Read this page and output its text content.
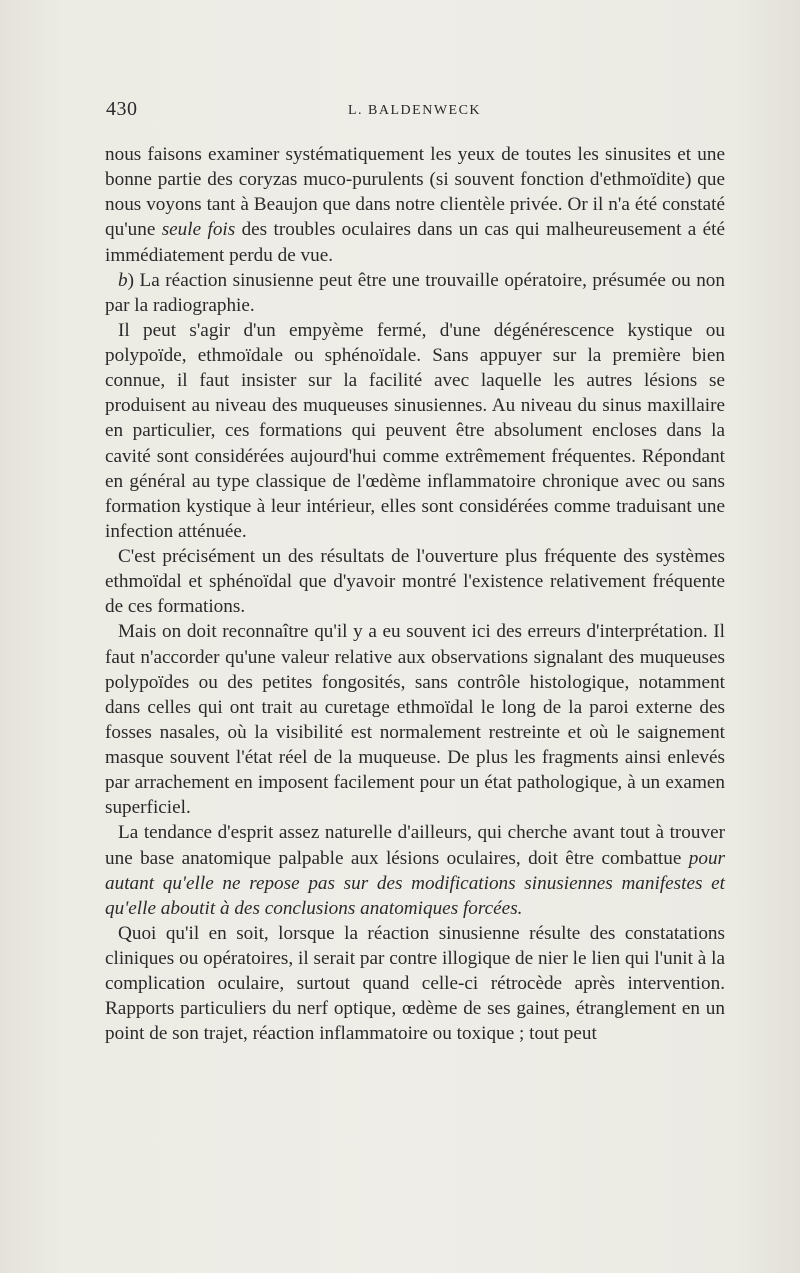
430	L. BALDENWECK

nous faisons examiner systématiquement les yeux de toutes les sinusites et une bonne partie des coryzas muco-purulents (si souvent fonction d'ethmoïdite) que nous voyons tant à Beaujon que dans notre clientèle privée. Or il n'a été constaté qu'une seule fois des troubles oculaires dans un cas qui malheureusement a été immédiatement perdu de vue.

b) La réaction sinusienne peut être une trouvaille opératoire, présumée ou non par la radiographie.

Il peut s'agir d'un empyème fermé, d'une dégénérescence kystique ou polypoïde, ethmoïdale ou sphénoïdale. Sans appuyer sur la première bien connue, il faut insister sur la facilité avec laquelle les autres lésions se produisent au niveau des muqueuses sinusiennes. Au niveau du sinus maxillaire en particulier, ces formations qui peuvent être absolument encloses dans la cavité sont considérées aujourd'hui comme extrêmement fréquentes. Répondant en général au type classique de l'œdème inflammatoire chronique avec ou sans formation kystique à leur intérieur, elles sont considérées comme traduisant une infection atténuée.

C'est précisément un des résultats de l'ouverture plus fréquente des systèmes ethmoïdal et sphénoïdal que d'yavoir montré l'existence relativement fréquente de ces formations.

Mais on doit reconnaître qu'il y a eu souvent ici des erreurs d'interprétation. Il faut n'accorder qu'une valeur relative aux observations signalant des muqueuses polypoïdes ou des petites fongosités, sans contrôle histologique, notamment dans celles qui ont trait au curetage ethmoïdal le long de la paroi externe des fosses nasales, où la visibilité est normalement restreinte et où le saignement masque souvent l'état réel de la muqueuse. De plus les fragments ainsi enlevés par arrachement en imposent facilement pour un état pathologique, à un examen superficiel.

La tendance d'esprit assez naturelle d'ailleurs, qui cherche avant tout à trouver une base anatomique palpable aux lésions oculaires, doit être combattue pour autant qu'elle ne repose pas sur des modifications sinusiennes manifestes et qu'elle aboutit à des conclusions anatomiques forcées.

Quoi qu'il en soit, lorsque la réaction sinusienne résulte des constatations cliniques ou opératoires, il serait par contre illogique de nier le lien qui l'unit à la complication oculaire, surtout quand celle-ci rétrocède après intervention. Rapports particuliers du nerf optique, œdème de ses gaines, étranglement en un point de son trajet, réaction inflammatoire ou toxique ; tout peut
